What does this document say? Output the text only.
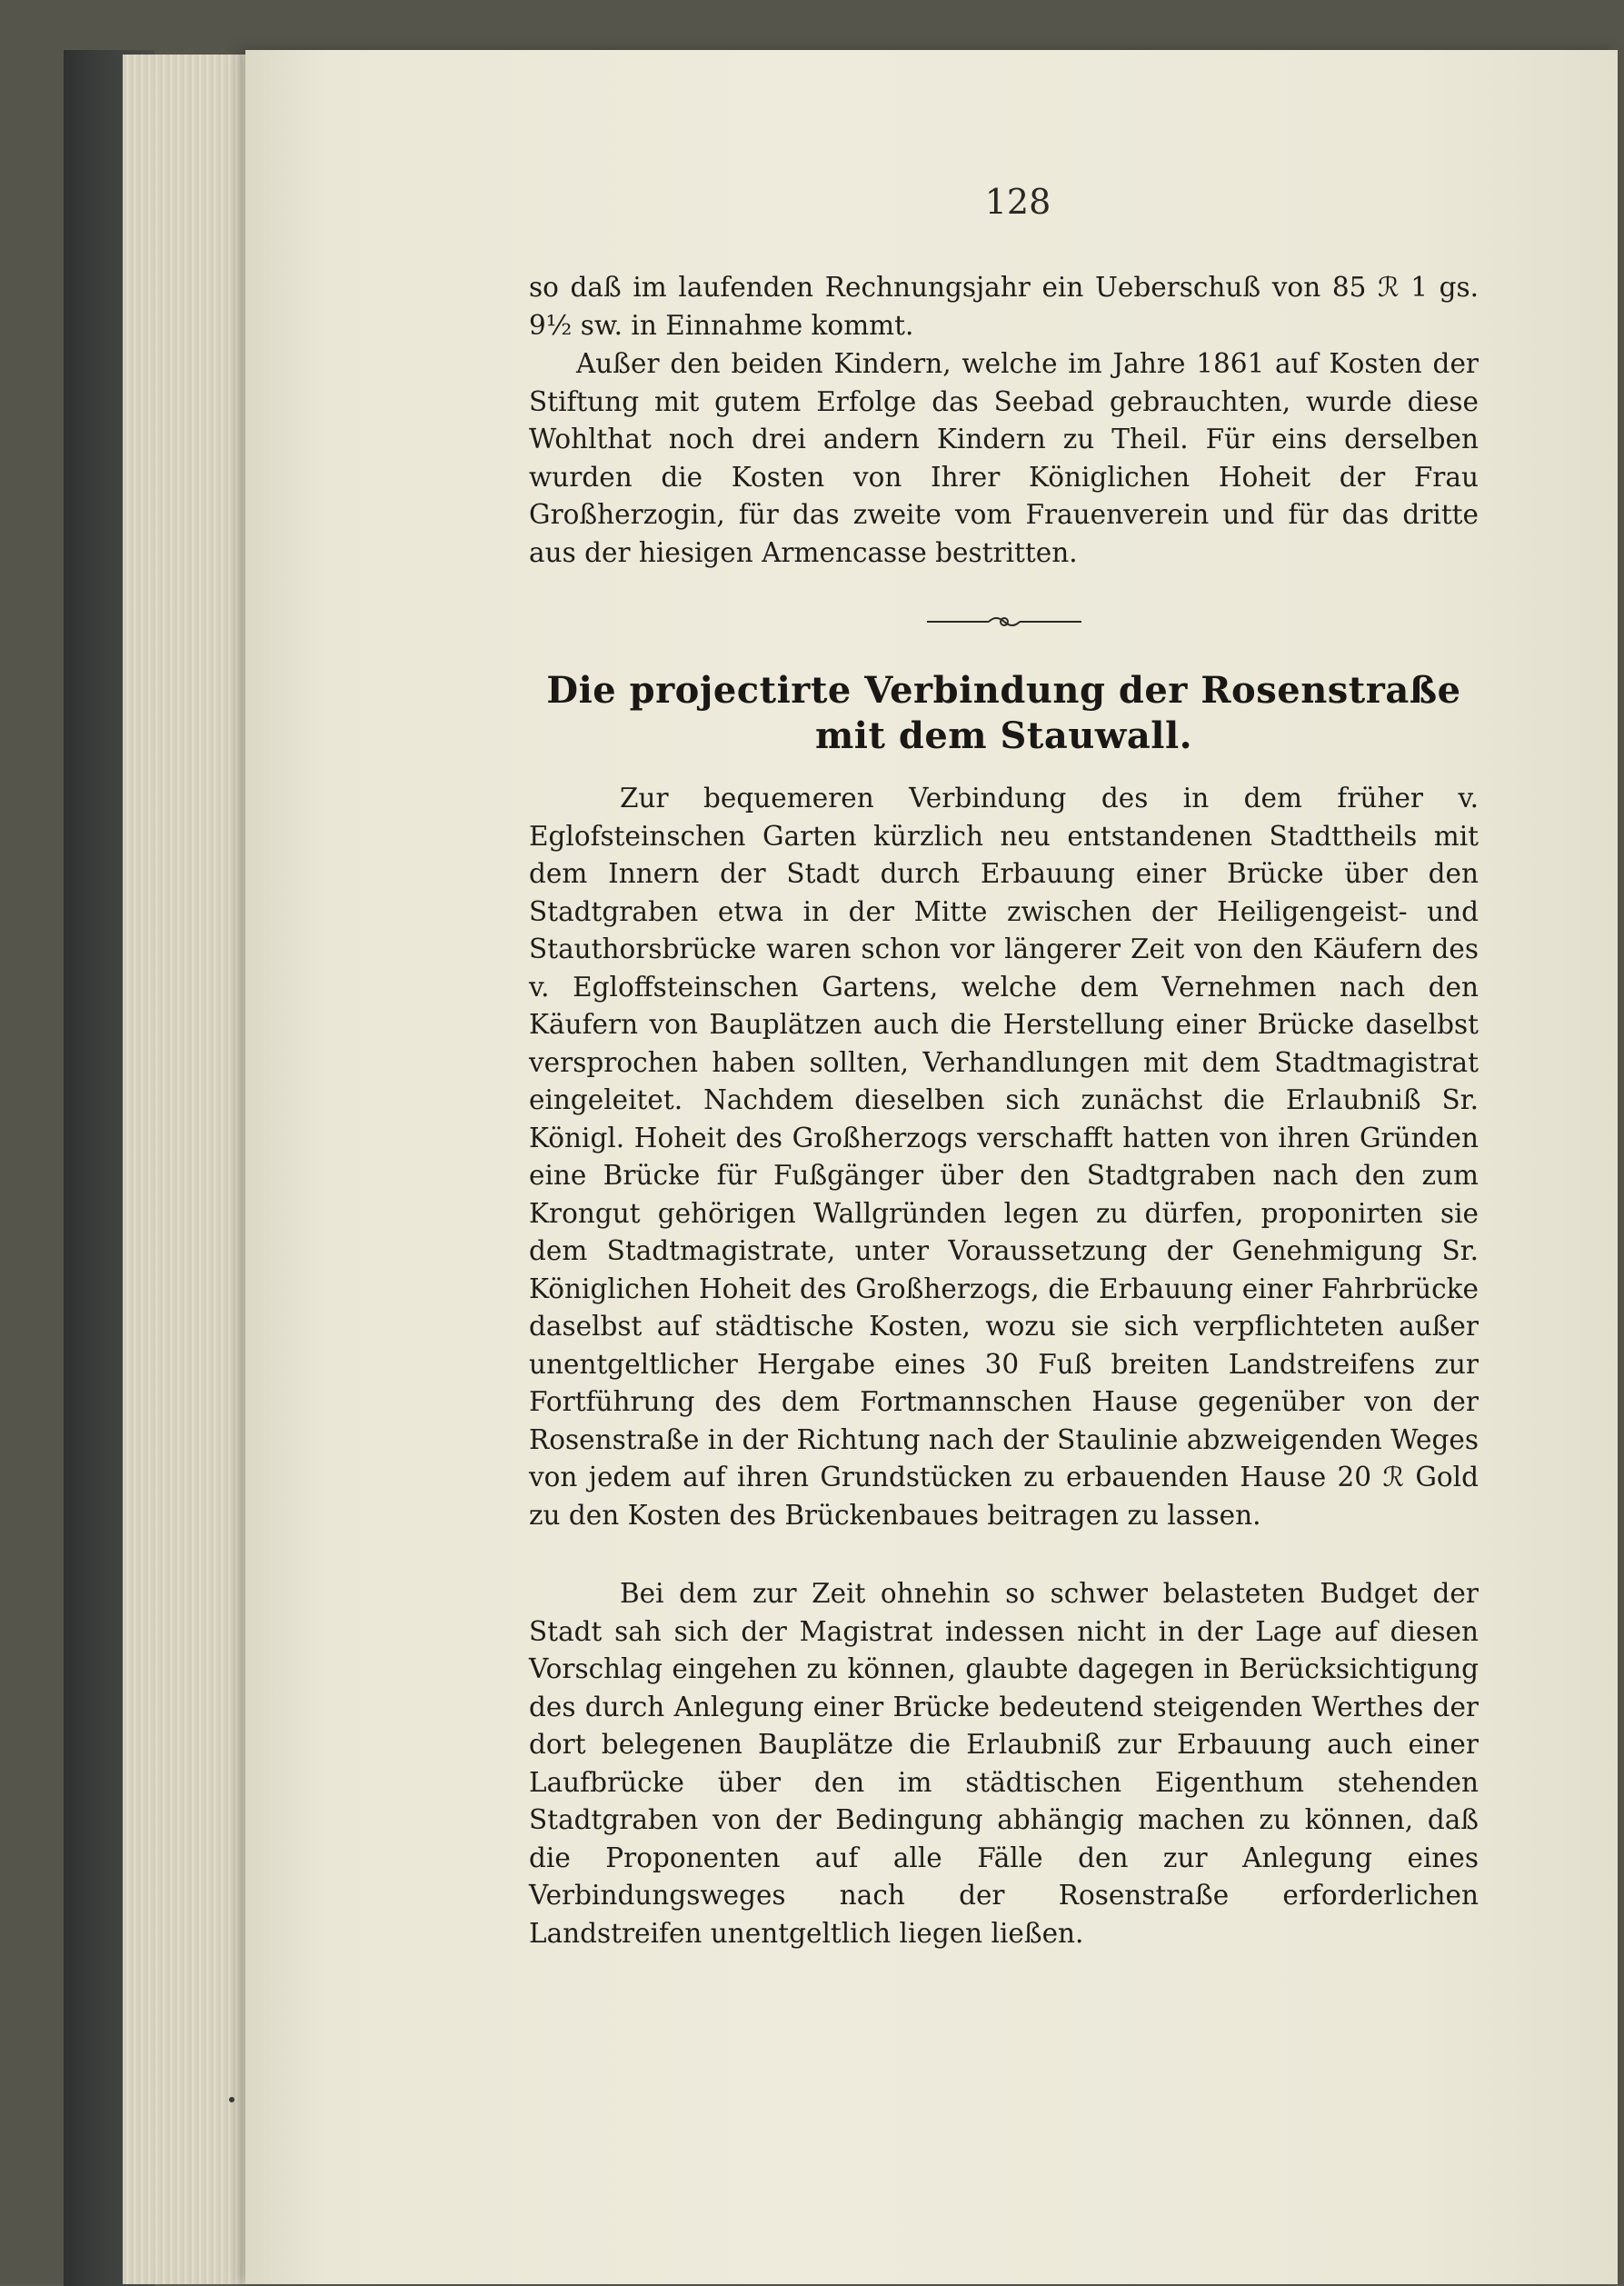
128
so daß im laufenden Rechnungsjahr ein Ueberschuß von 85 ℛ 1 gs. 9½ sw. in Einnahme kommt.
Außer den beiden Kindern, welche im Jahre 1861 auf Kosten der Stiftung mit gutem Erfolge das Seebad gebrauchten, wurde diese Wohlthat noch drei andern Kindern zu Theil. Für eins derselben wurden die Kosten von Ihrer Königlichen Hoheit der Frau Großherzogin, für das zweite vom Frauenverein und für das dritte aus der hiesigen Armencasse bestritten.
Die projectirte Verbindung der Rosenstraße mit dem Stauwall.
Zur bequemeren Verbindung des in dem früher v. Eglofsteinschen Garten kürzlich neu entstandenen Stadttheils mit dem Innern der Stadt durch Erbauung einer Brücke über den Stadtgraben etwa in der Mitte zwischen der Heiligengeist- und Stauthorsbrücke waren schon vor längerer Zeit von den Käufern des v. Egloffsteinschen Gartens, welche dem Vernehmen nach den Käufern von Bauplätzen auch die Herstellung einer Brücke daselbst versprochen haben sollten, Verhandlungen mit dem Stadtmagistrat eingeleitet. Nachdem dieselben sich zunächst die Erlaubniß Sr. Königl. Hoheit des Großherzogs verschafft hatten von ihren Gründen eine Brücke für Fußgänger über den Stadtgraben nach den zum Krongut gehörigen Wallgründen legen zu dürfen, proponirten sie dem Stadtmagistrate, unter Voraussetzung der Genehmigung Sr. Königlichen Hoheit des Großherzogs, die Erbauung einer Fahrbrücke daselbst auf städtische Kosten, wozu sie sich verpflichteten außer unentgeltlicher Hergabe eines 30 Fuß breiten Landstreifens zur Fortführung des dem Fortmannschen Hause gegenüber von der Rosenstraße in der Richtung nach der Staulinie abzweigenden Weges von jedem auf ihren Grundstücken zu erbauenden Hause 20 ℛ Gold zu den Kosten des Brückenbaues beitragen zu lassen.
Bei dem zur Zeit ohnehin so schwer belasteten Budget der Stadt sah sich der Magistrat indessen nicht in der Lage auf diesen Vorschlag eingehen zu können, glaubte dagegen in Berücksichtigung des durch Anlegung einer Brücke bedeutend steigenden Werthes der dort belegenen Bauplätze die Erlaubniß zur Erbauung auch einer Laufbrücke über den im städtischen Eigenthum stehenden Stadtgraben von der Bedingung abhängig machen zu können, daß die Proponenten auf alle Fälle den zur Anlegung eines Verbindungsweges nach der Rosenstraße erforderlichen Landstreifen unentgeltlich liegen ließen.
